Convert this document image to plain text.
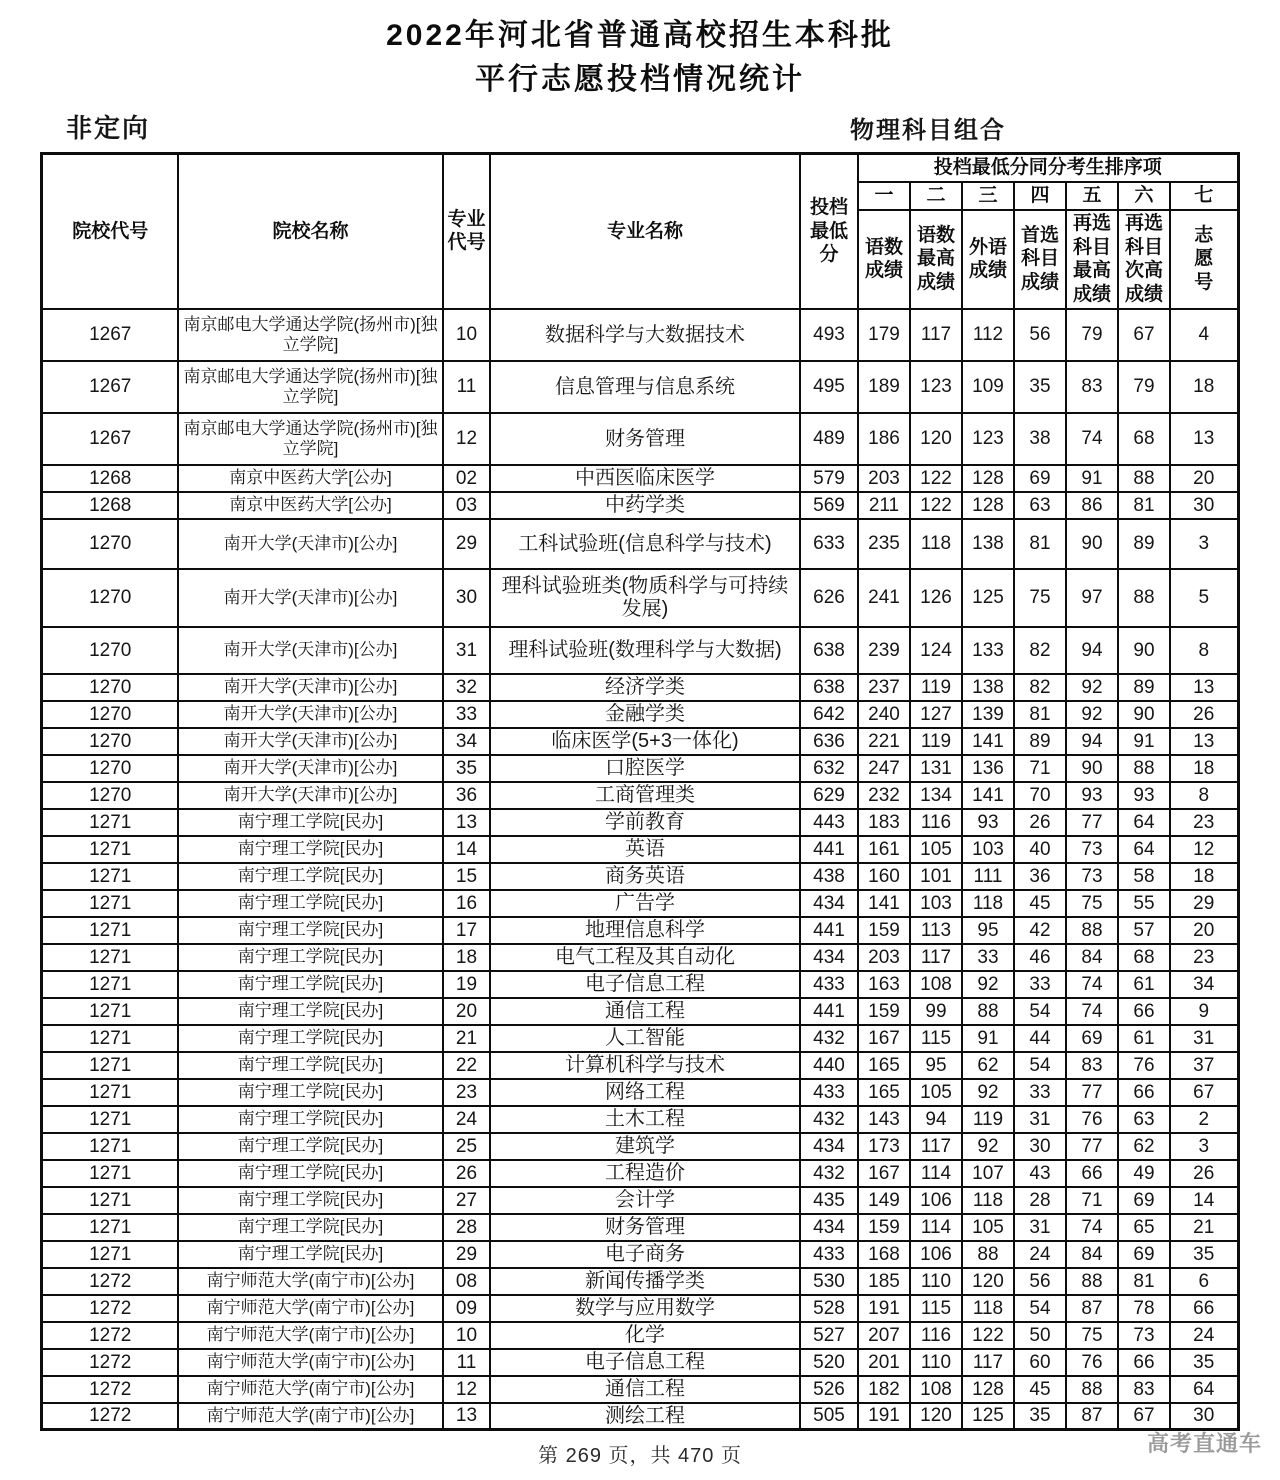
2022年河北省普通高校招生本科批
平行志愿投档情况统计
非定向	物理科目组合
院校代号	院校名称	专业代号	专业名称	投档最低分	投档最低分同分考生排序项						
					一	二	三	四	五	六	七
					语数成绩	语数最高成绩	外语成绩	首选科目成绩	再选科目最高成绩	再选科目次高成绩	志愿号
1267	南京邮电大学通达学院(扬州市)[独立学院]	10	数据科学与大数据技术	493	179	117	112	56	79	67	4
1267	南京邮电大学通达学院(扬州市)[独立学院]	11	信息管理与信息系统	495	189	123	109	35	83	79	18
1267	南京邮电大学通达学院(扬州市)[独立学院]	12	财务管理	489	186	120	123	38	74	68	13
1268	南京中医药大学[公办]	02	中西医临床医学	579	203	122	128	69	91	88	20
1268	南京中医药大学[公办]	03	中药学类	569	211	122	128	63	86	81	30
1270	南开大学(天津市)[公办]	29	工科试验班(信息科学与技术)	633	235	118	138	81	90	89	3
1270	南开大学(天津市)[公办]	30	理科试验班类(物质科学与可持续发展)	626	241	126	125	75	97	88	5
1270	南开大学(天津市)[公办]	31	理科试验班(数理科学与大数据)	638	239	124	133	82	94	90	8
1270	南开大学(天津市)[公办]	32	经济学类	638	237	119	138	82	92	89	13
1270	南开大学(天津市)[公办]	33	金融学类	642	240	127	139	81	92	90	26
1270	南开大学(天津市)[公办]	34	临床医学(5+3一体化)	636	221	119	141	89	94	91	13
1270	南开大学(天津市)[公办]	35	口腔医学	632	247	131	136	71	90	88	18
1270	南开大学(天津市)[公办]	36	工商管理类	629	232	134	141	70	93	93	8
1271	南宁理工学院[民办]	13	学前教育	443	183	116	93	26	77	64	23
1271	南宁理工学院[民办]	14	英语	441	161	105	103	40	73	64	12
1271	南宁理工学院[民办]	15	商务英语	438	160	101	111	36	73	58	18
1271	南宁理工学院[民办]	16	广告学	434	141	103	118	45	75	55	29
1271	南宁理工学院[民办]	17	地理信息科学	441	159	113	95	42	88	57	20
1271	南宁理工学院[民办]	18	电气工程及其自动化	434	203	117	33	46	84	68	23
1271	南宁理工学院[民办]	19	电子信息工程	433	163	108	92	33	74	61	34
1271	南宁理工学院[民办]	20	通信工程	441	159	99	88	54	74	66	9
1271	南宁理工学院[民办]	21	人工智能	432	167	115	91	44	69	61	31
1271	南宁理工学院[民办]	22	计算机科学与技术	440	165	95	62	54	83	76	37
1271	南宁理工学院[民办]	23	网络工程	433	165	105	92	33	77	66	67
1271	南宁理工学院[民办]	24	土木工程	432	143	94	119	31	76	63	2
1271	南宁理工学院[民办]	25	建筑学	434	173	117	92	30	77	62	3
1271	南宁理工学院[民办]	26	工程造价	432	167	114	107	43	66	49	26
1271	南宁理工学院[民办]	27	会计学	435	149	106	118	28	71	69	14
1271	南宁理工学院[民办]	28	财务管理	434	159	114	105	31	74	65	21
1271	南宁理工学院[民办]	29	电子商务	433	168	106	88	24	84	69	35
1272	南宁师范大学(南宁市)[公办]	08	新闻传播学类	530	185	110	120	56	88	81	6
1272	南宁师范大学(南宁市)[公办]	09	数学与应用数学	528	191	115	118	54	87	78	66
1272	南宁师范大学(南宁市)[公办]	10	化学	527	207	116	122	50	75	73	24
1272	南宁师范大学(南宁市)[公办]	11	电子信息工程	520	201	110	117	60	76	66	35
1272	南宁师范大学(南宁市)[公办]	12	通信工程	526	182	108	128	45	88	83	64
1272	南宁师范大学(南宁市)[公办]	13	测绘工程	505	191	120	125	35	87	67	30
第 269 页，共 470 页	高考直通车
